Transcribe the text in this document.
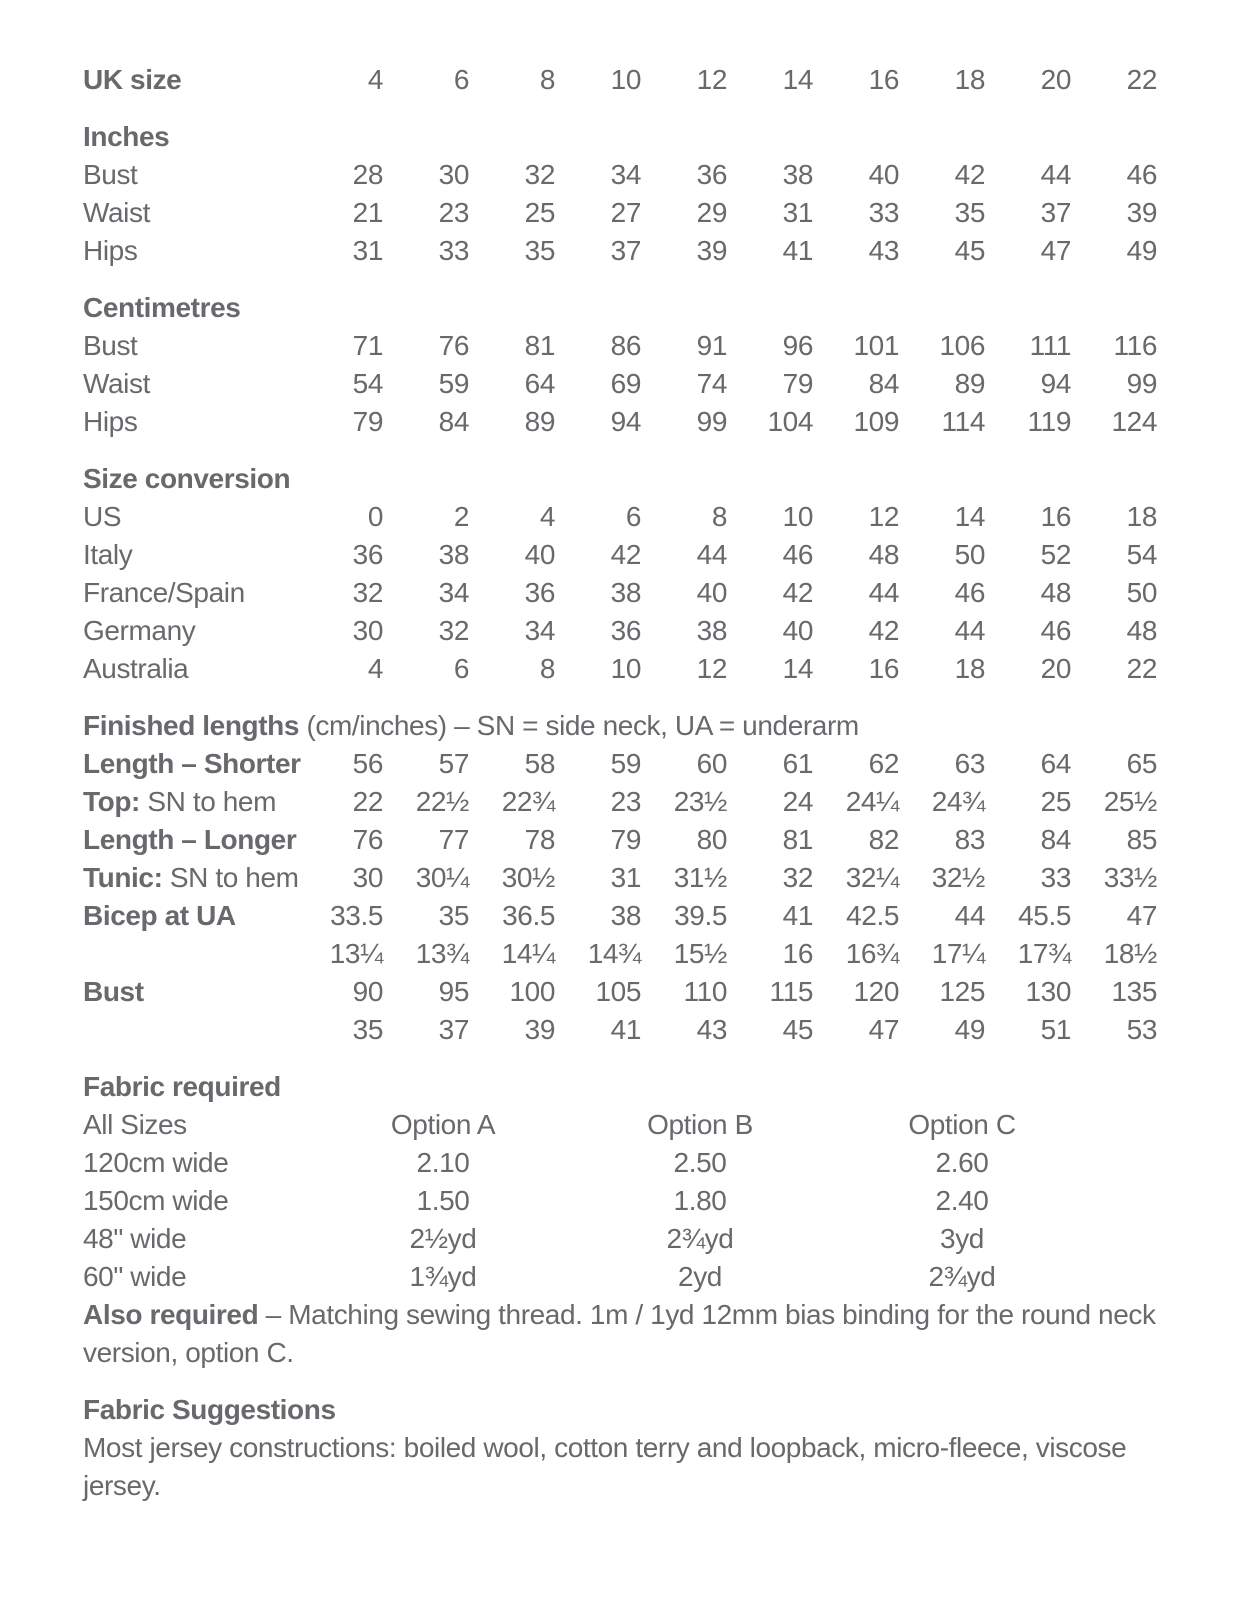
UK size	4	6	8	10	12	14	16	18	20	22
Inches
Bust	28	30	32	34	36	38	40	42	44	46
Waist	21	23	25	27	29	31	33	35	37	39
Hips	31	33	35	37	39	41	43	45	47	49
Centimetres
Bust	71	76	81	86	91	96	101	106	111	116
Waist	54	59	64	69	74	79	84	89	94	99
Hips	79	84	89	94	99	104	109	114	119	124
Size conversion
US	0	2	4	6	8	10	12	14	16	18
Italy	36	38	40	42	44	46	48	50	52	54
France/Spain	32	34	36	38	40	42	44	46	48	50
Germany	30	32	34	36	38	40	42	44	46	48
Australia	4	6	8	10	12	14	16	18	20	22
Finished lengths (cm/inches) – SN = side neck, UA = underarm
Length – Shorter	56	57	58	59	60	61	62	63	64	65
Top: SN to hem	22	22½	22¾	23	23½	24	24¼	24¾	25	25½
Length – Longer	76	77	78	79	80	81	82	83	84	85
Tunic: SN to hem	30	30¼	30½	31	31½	32	32¼	32½	33	33½
Bicep at UA	33.5	35	36.5	38	39.5	41	42.5	44	45.5	47
	13¼	13¾	14¼	14¾	15½	16	16¾	17¼	17¾	18½
Bust	90	95	100	105	110	115	120	125	130	135
	35	37	39	41	43	45	47	49	51	53
Fabric required
All Sizes	Option A	Option B	Option C
120cm wide	2.10	2.50	2.60
150cm wide	1.50	1.80	2.40
48" wide	2½yd	2¾yd	3yd
60" wide	1¾yd	2yd	2¾yd

Also required – Matching sewing thread. 1m / 1yd 12mm bias binding for the round neck version, option C.

Fabric Suggestions

Most jersey constructions: boiled wool, cotton terry and loopback, micro-fleece, viscose jersey.
